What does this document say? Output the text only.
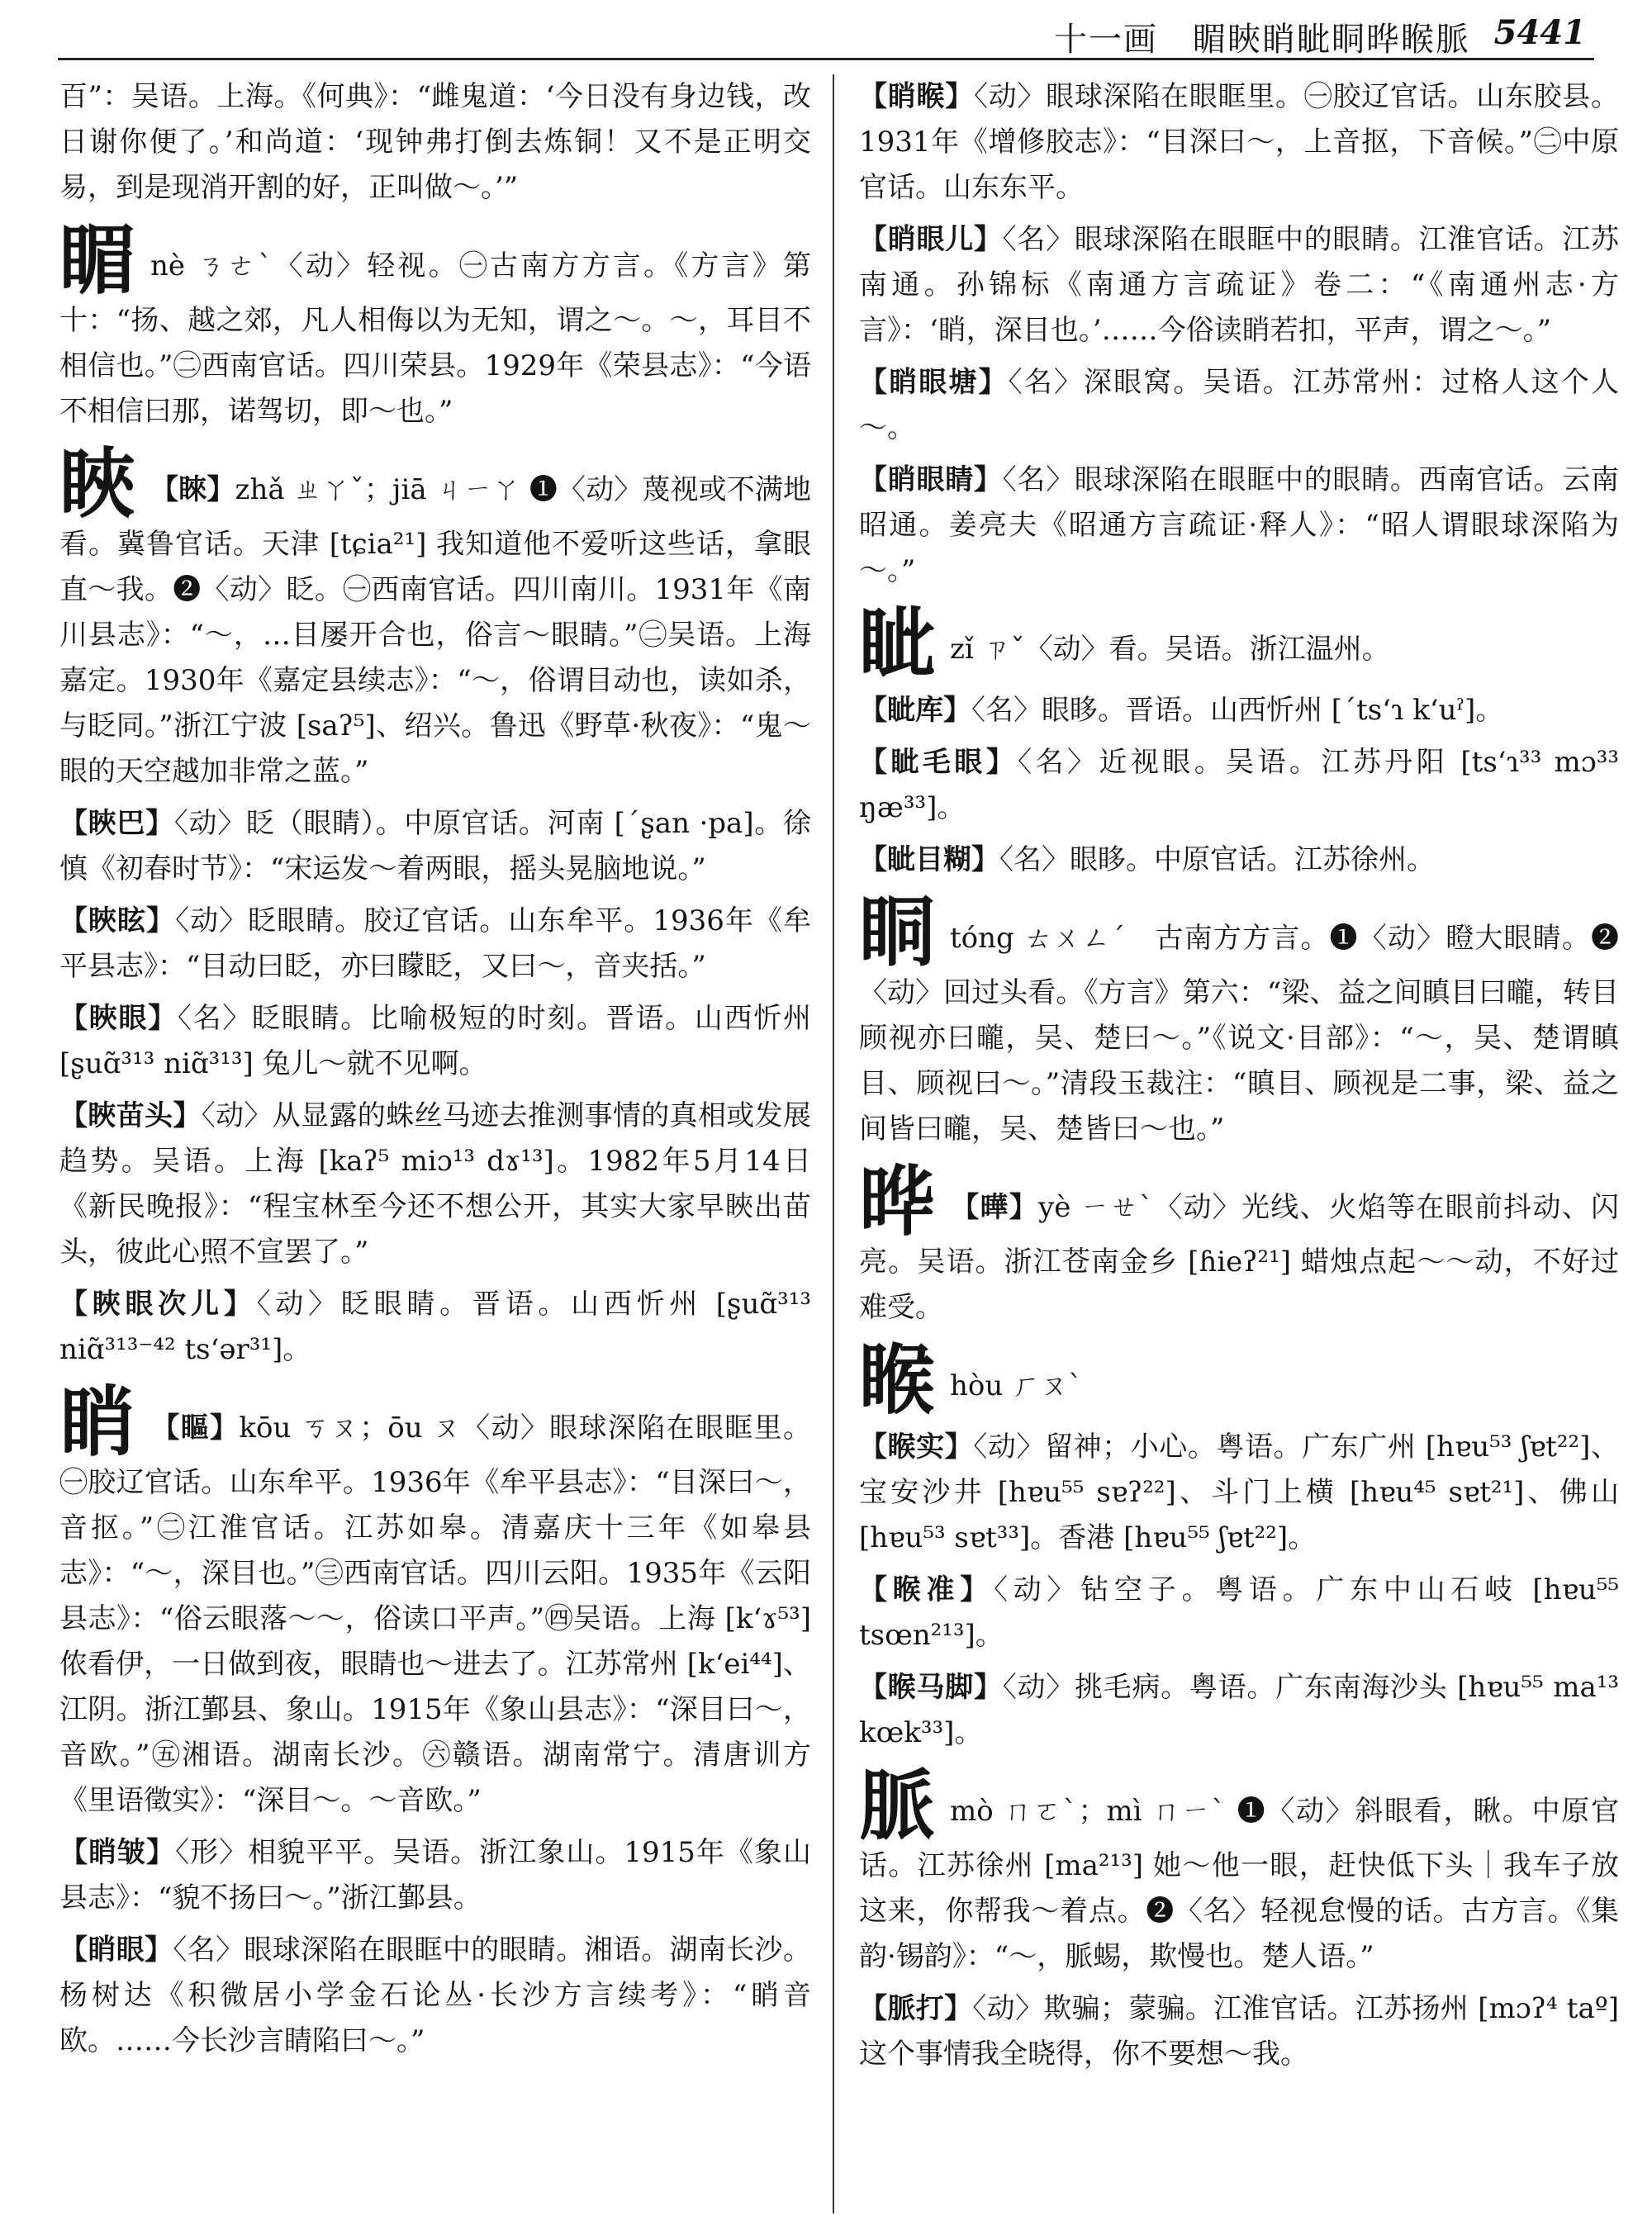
十一画　睸䀹睄眦眮晔睺脈 5441
百”：吴语。上海。《何典》：“雌鬼道：‘今日没有身边钱，改日谢你便了。’和尚道：‘现钟弗打倒去炼铜！又不是正明交易，到是现消开割的好，正叫做～。’”
睸nè ㄋㄜˋ〈动〉轻视。㊀古南方方言。《方言》第十：“扬、越之郊，凡人相侮以为无知，谓之～。～，耳目不相信也。”㊁西南官话。四川荣县。1929年《荣县志》：“今语不相信曰那，诺驾切，即～也。”
䀹 【睞】zhǎ ㄓㄚˇ；jiā ㄐㄧㄚ ❶〈动〉蔑视或不满地看。冀鲁官话。天津 [tɕia²¹] 我知道他不爱听这些话，拿眼直～我。❷〈动〉眨。㊀西南官话。四川南川。1931年《南川县志》：“～，…目屡开合也，俗言～眼睛。”㊁吴语。上海嘉定。1930年《嘉定县续志》：“～，俗谓目动也，读如杀，与眨同。”浙江宁波 [saʔ⁵]、绍兴。鲁迅《野草·秋夜》：“鬼～眼的天空越加非常之蓝。”
【䀹巴】〈动〉眨（眼睛）。中原官话。河南 [ˊʂan ·pa]。徐慎《初春时节》：“宋运发～着两眼，摇头晃脑地说。”
【䀹眩】〈动〉眨眼睛。胶辽官话。山东牟平。1936年《牟平县志》：“目动曰眨，亦曰矇眨，又曰～，音夹括。”
【䀹眼】〈名〉眨眼睛。比喻极短的时刻。晋语。山西忻州 [ʂuɑ̃³¹³ niɑ̃³¹³] 兔儿～就不见啊。
【䀹苗头】〈动〉从显露的蛛丝马迹去推测事情的真相或发展趋势。吴语。上海 [kaʔ⁵ miɔ¹³ dɤ¹³]。1982年5月14日《新民晚报》：“程宝林至今还不想公开，其实大家早䀹出苗头，彼此心照不宣罢了。”
【䀹眼次儿】〈动〉眨眼睛。晋语。山西忻州 [ʂuɑ̃³¹³ niɑ̃³¹³⁻⁴² tsʻər³¹]。
睄 【瞘】kōu ㄎㄡ；ōu ㄡ〈动〉眼球深陷在眼眶里。㊀胶辽官话。山东牟平。1936年《牟平县志》：“目深曰～，音抠。”㊁江淮官话。江苏如皋。清嘉庆十三年《如皋县志》：“～，深目也。”㊂西南官话。四川云阳。1935年《云阳县志》：“俗云眼落～～，俗读口平声。”㊃吴语。上海 [kʻɤ⁵³] 侬看伊，一日做到夜，眼睛也～进去了。江苏常州 [kʻei⁴⁴]、江阴。浙江鄞县、象山。1915年《象山县志》：“深目曰～，音欧。”㊄湘语。湖南长沙。㊅赣语。湖南常宁。清唐训方《里语徵实》：“深目～。～音欧。”
【睄皱】〈形〉相貌平平。吴语。浙江象山。1915年《象山县志》：“貌不扬曰～。”浙江鄞县。
【睄眼】〈名〉眼球深陷在眼眶中的眼睛。湘语。湖南长沙。杨树达《积微居小学金石论丛·长沙方言续考》：“睄音欧。……今长沙言睛陷曰～。”
【睄睺】〈动〉眼球深陷在眼眶里。㊀胶辽官话。山东胶县。1931年《增修胶志》：“目深曰～，上音抠，下音候。”㊁中原官话。山东东平。
【睄眼儿】〈名〉眼球深陷在眼眶中的眼睛。江淮官话。江苏南通。孙锦标《南通方言疏证》卷二：“《南通州志·方言》：‘睄，深目也。’……今俗读睄若扣，平声，谓之～。”
【睄眼塘】〈名〉深眼窝。吴语。江苏常州：过格人这个人～。
【睄眼睛】〈名〉眼球深陷在眼眶中的眼睛。西南官话。云南昭通。姜亮夫《昭通方言疏证·释人》：“昭人谓眼球深陷为～。”
眦zǐ ㄗˇ〈动〉看。吴语。浙江温州。
【眦库】〈名〉眼眵。晋语。山西忻州 [ˊtsʻɿ kʻuˀ]。
【眦毛眼】〈名〉近视眼。吴语。江苏丹阳 [tsʻɿ³³ mɔ³³ ŋæ³³]。
【眦目糊】〈名〉眼眵。中原官话。江苏徐州。
眮tóng ㄊㄨㄥˊ　古南方方言。❶〈动〉瞪大眼睛。❷〈动〉回过头看。《方言》第六：“梁、益之间瞋目曰曨，转目顾视亦曰曨，吴、楚曰～。”《说文·目部》：“～，吴、楚谓瞋目、顾视曰～。”清段玉裁注：“瞋目、顾视是二事，梁、益之间皆曰曨，吴、楚皆曰～也。”
晔 【曄】yè ㄧㄝˋ〈动〉光线、火焰等在眼前抖动、闪亮。吴语。浙江苍南金乡 [ɦieʔ²¹] 蜡烛点起～～动，不好过难受。
睺hòu ㄏㄡˋ
【睺实】〈动〉留神；小心。粤语。广东广州 [hɐu⁵³ ʃɐt²²]、宝安沙井 [hɐu⁵⁵ sɐʔ²²]、斗门上横 [hɐu⁴⁵ sɐt²¹]、佛山 [hɐu⁵³ sɐt³³]。香港 [hɐu⁵⁵ ʃɐt²²]。
【睺准】〈动〉钻空子。粤语。广东中山石岐 [hɐu⁵⁵ tsœn²¹³]。
【睺马脚】〈动〉挑毛病。粤语。广东南海沙头 [hɐu⁵⁵ ma¹³ kœk³³]。
脈mò ㄇㄛˋ；mì ㄇㄧˋ ❶〈动〉斜眼看，瞅。中原官话。江苏徐州 [ma²¹³] 她～他一眼，赶快低下头｜我车子放这来，你帮我～着点。❷〈名〉轻视怠慢的话。古方言。《集韵·锡韵》：“～，脈蜴，欺慢也。楚人语。”
【脈打】〈动〉欺骗；蒙骗。江淮官话。江苏扬州 [mɔʔ⁴ taº] 这个事情我全晓得，你不要想～我。
